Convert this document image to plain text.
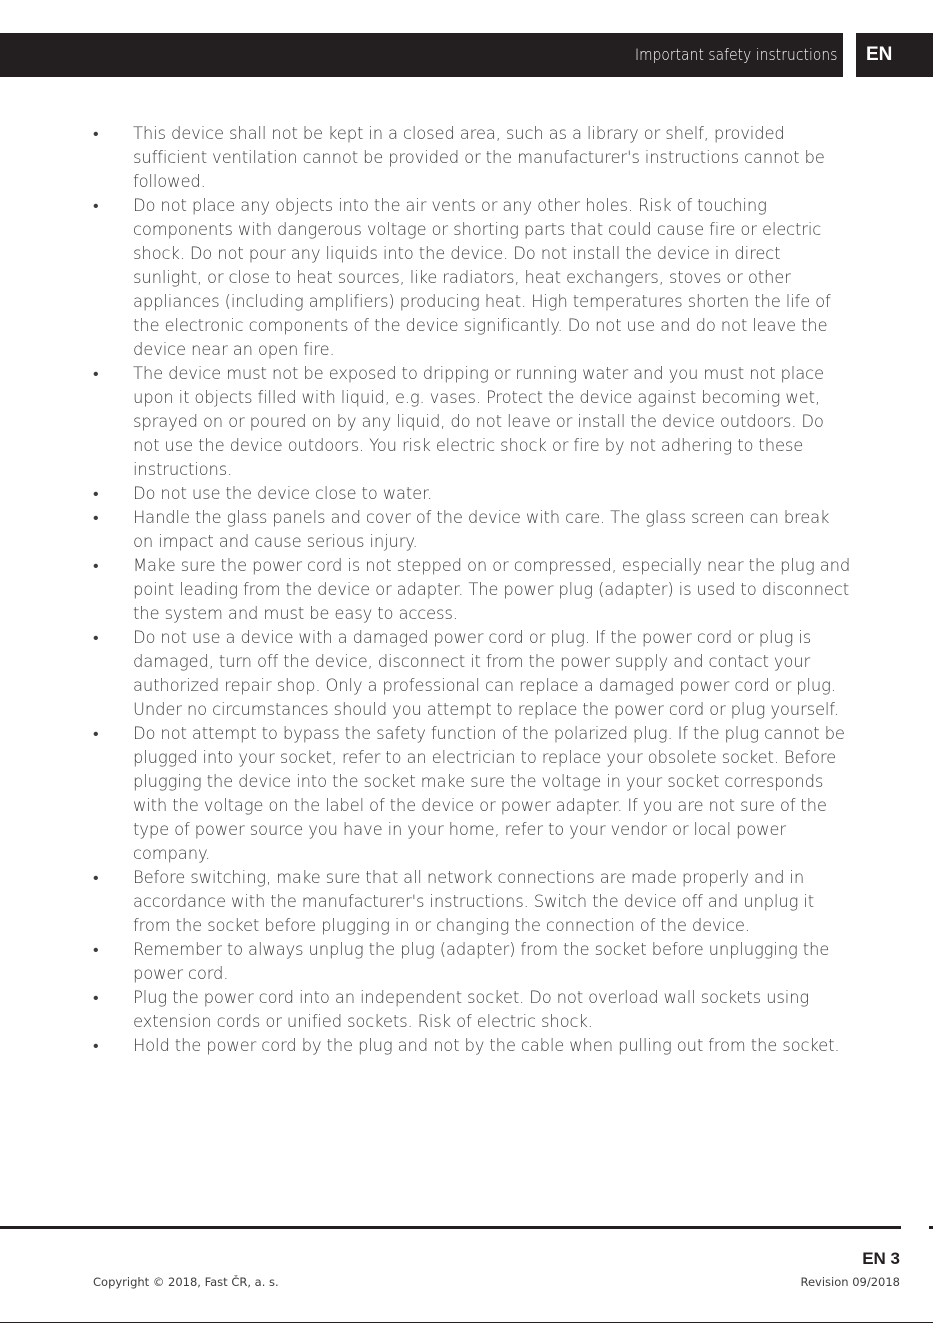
Important safety instructions EN
• This device shall not be kept in a closed area, such as a library or shelf, provided sufficient ventilation cannot be provided or the manufacturer's instructions cannot be followed.
• Do not place any objects into the air vents or any other holes. Risk of touching components with dangerous voltage or shorting parts that could cause fire or electric shock. Do not pour any liquids into the device. Do not install the device in direct sunlight, or close to heat sources, like radiators, heat exchangers, stoves or other appliances (including amplifiers) producing heat. High temperatures shorten the life of the electronic components of the device significantly. Do not use and do not leave the device near an open fire.
• The device must not be exposed to dripping or running water and you must not place upon it objects filled with liquid, e.g. vases. Protect the device against becoming wet, sprayed on or poured on by any liquid, do not leave or install the device outdoors. Do not use the device outdoors. You risk electric shock or fire by not adhering to these instructions.
• Do not use the device close to water.
• Handle the glass panels and cover of the device with care. The glass screen can break on impact and cause serious injury.
• Make sure the power cord is not stepped on or compressed, especially near the plug and point leading from the device or adapter. The power plug (adapter) is used to disconnect the system and must be easy to access.
• Do not use a device with a damaged power cord or plug. If the power cord or plug is damaged, turn off the device, disconnect it from the power supply and contact your authorized repair shop. Only a professional can replace a damaged power cord or plug. Under no circumstances should you attempt to replace the power cord or plug yourself.
• Do not attempt to bypass the safety function of the polarized plug. If the plug cannot be plugged into your socket, refer to an electrician to replace your obsolete socket. Before plugging the device into the socket make sure the voltage in your socket corresponds with the voltage on the label of the device or power adapter. If you are not sure of the type of power source you have in your home, refer to your vendor or local power company.
• Before switching, make sure that all network connections are made properly and in accordance with the manufacturer's instructions. Switch the device off and unplug it from the socket before plugging in or changing the connection of the device.
• Remember to always unplug the plug (adapter) from the socket before unplugging the power cord.
• Plug the power cord into an independent socket. Do not overload wall sockets using extension cords or unified sockets. Risk of electric shock.
• Hold the power cord by the plug and not by the cable when pulling out from the socket.
EN 3
Copyright © 2018, Fast ČR, a. s.	Revision 09/2018
